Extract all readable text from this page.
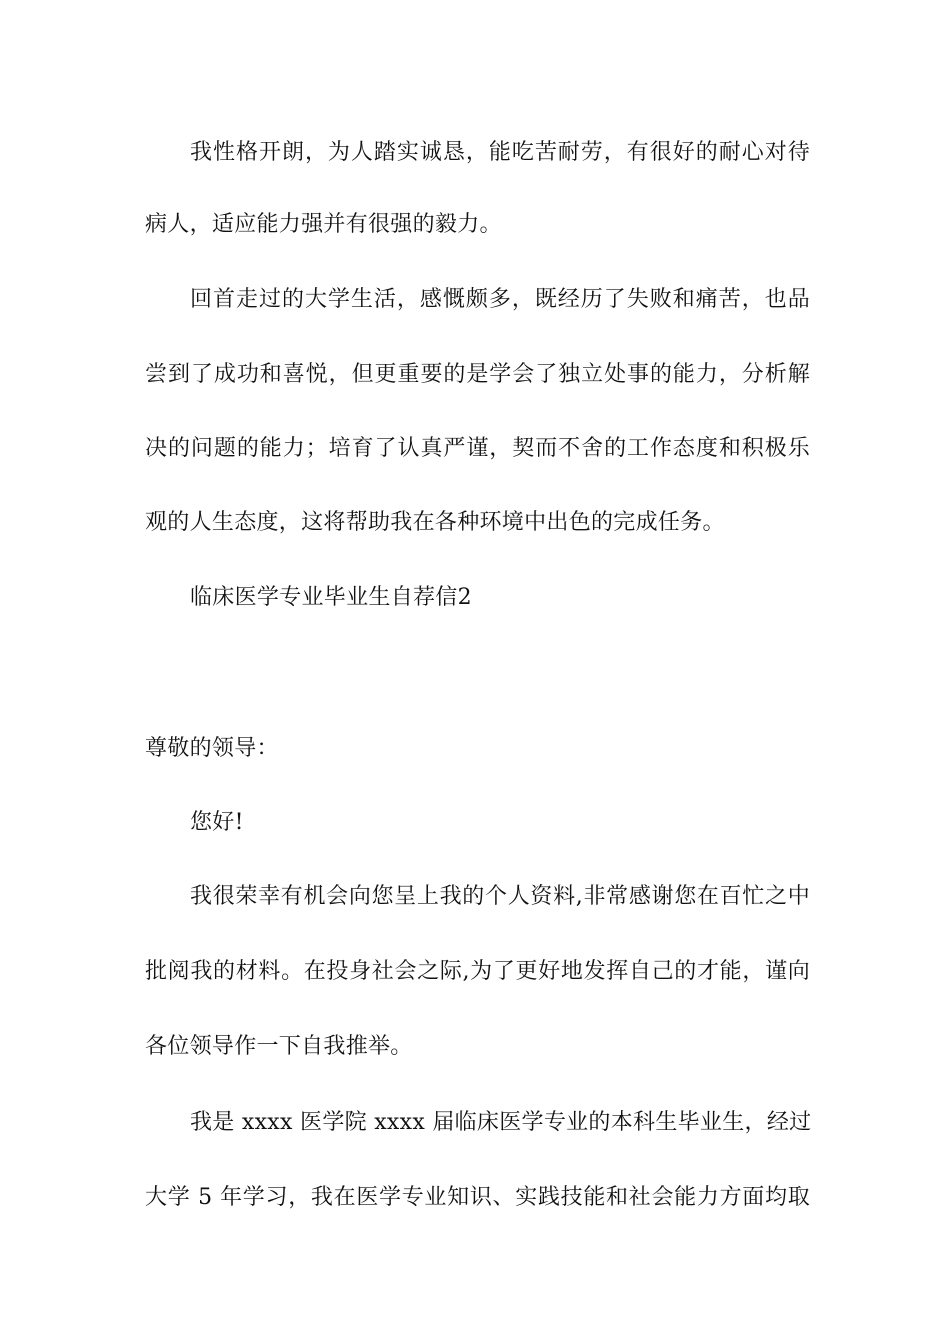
我性格开朗，为人踏实诚恳，能吃苦耐劳，有很好的耐心对待
病人，适应能力强并有很强的毅力。
回首走过的大学生活，感慨颇多，既经历了失败和痛苦，也品
尝到了成功和喜悦，但更重要的是学会了独立处事的能力，分析解
决的问题的能力；培育了认真严谨，契而不舍的工作态度和积极乐
观的人生态度，这将帮助我在各种环境中出色的完成任务。
临床医学专业毕业生自荐信2
尊敬的领导：
您好!
我很荣幸有机会向您呈上我的个人资料,非常感谢您在百忙之中
批阅我的材料。在投身社会之际,为了更好地发挥自己的才能，谨向
各位领导作一下自我推举。
我是 xxxx 医学院 xxxx 届临床医学专业的本科生毕业生，经过
大学 5 年学习，我在医学专业知识、实践技能和社会能力方面均取
